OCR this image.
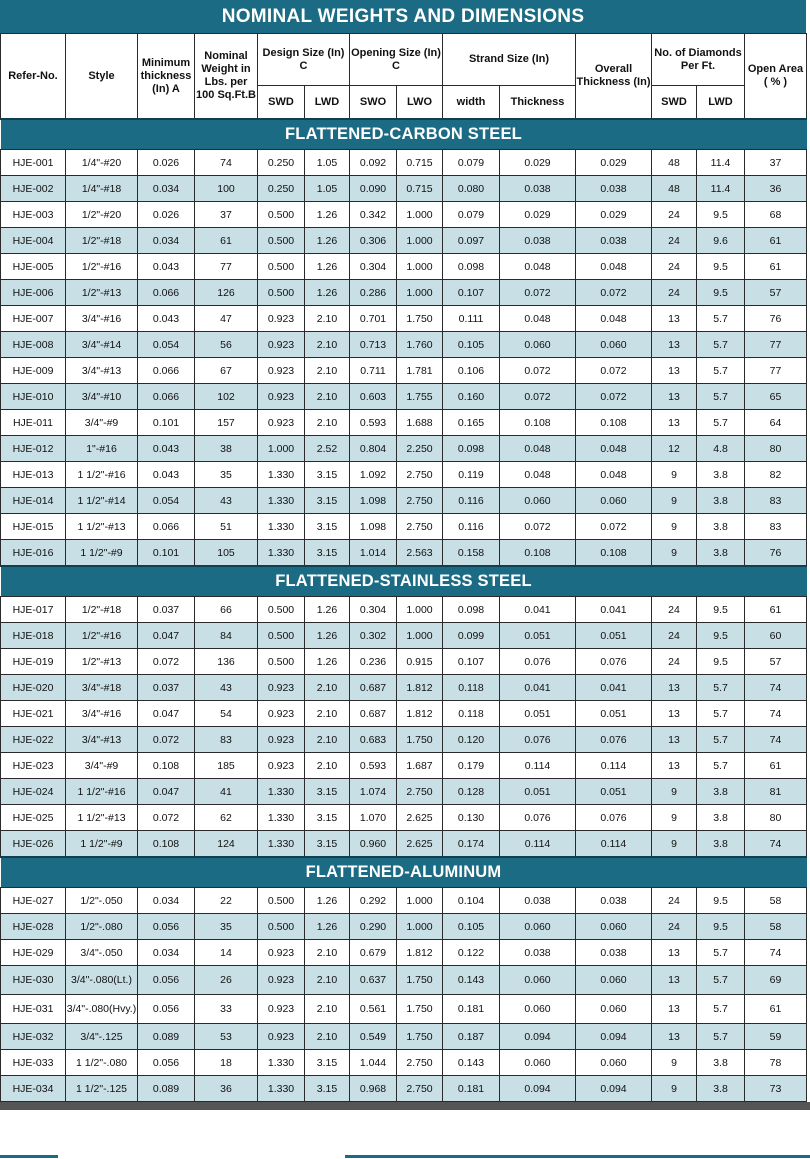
NOMINAL WEIGHTS AND DIMENSIONS
Refer-No.	Style	Minimum thickness (In) A	Nominal Weight in Lbs. per 100 Sq.Ft.B	Design Size (In) C		Opening Size (In) C		Strand Size (In)		Overall Thickness (In)	No. of Diamonds Per Ft.		Open Area ( % )
				SWD	LWD	SWO	LWO	width	Thickness		SWD	LWD	
FLATTENED-CARBON STEEL													
HJE-001	1/4"-#20	0.026	74	0.250	1.05	0.092	0.715	0.079	0.029	0.029	48	11.4	37
HJE-002	1/4"-#18	0.034	100	0.250	1.05	0.090	0.715	0.080	0.038	0.038	48	11.4	36
HJE-003	1/2"-#20	0.026	37	0.500	1.26	0.342	1.000	0.079	0.029	0.029	24	9.5	68
HJE-004	1/2"-#18	0.034	61	0.500	1.26	0.306	1.000	0.097	0.038	0.038	24	9.6	61
HJE-005	1/2"-#16	0.043	77	0.500	1.26	0.304	1.000	0.098	0.048	0.048	24	9.5	61
HJE-006	1/2"-#13	0.066	126	0.500	1.26	0.286	1.000	0.107	0.072	0.072	24	9.5	57
HJE-007	3/4"-#16	0.043	47	0.923	2.10	0.701	1.750	0.111	0.048	0.048	13	5.7	76
HJE-008	3/4"-#14	0.054	56	0.923	2.10	0.713	1.760	0.105	0.060	0.060	13	5.7	77
HJE-009	3/4"-#13	0.066	67	0.923	2.10	0.711	1.781	0.106	0.072	0.072	13	5.7	77
HJE-010	3/4"-#10	0.066	102	0.923	2.10	0.603	1.755	0.160	0.072	0.072	13	5.7	65
HJE-011	3/4"-#9	0.101	157	0.923	2.10	0.593	1.688	0.165	0.108	0.108	13	5.7	64
HJE-012	1"-#16	0.043	38	1.000	2.52	0.804	2.250	0.098	0.048	0.048	12	4.8	80
HJE-013	1 1/2"-#16	0.043	35	1.330	3.15	1.092	2.750	0.119	0.048	0.048	9	3.8	82
HJE-014	1 1/2"-#14	0.054	43	1.330	3.15	1.098	2.750	0.116	0.060	0.060	9	3.8	83
HJE-015	1 1/2"-#13	0.066	51	1.330	3.15	1.098	2.750	0.116	0.072	0.072	9	3.8	83
HJE-016	1 1/2"-#9	0.101	105	1.330	3.15	1.014	2.563	0.158	0.108	0.108	9	3.8	76
FLATTENED-STAINLESS STEEL													
HJE-017	1/2"-#18	0.037	66	0.500	1.26	0.304	1.000	0.098	0.041	0.041	24	9.5	61
HJE-018	1/2"-#16	0.047	84	0.500	1.26	0.302	1.000	0.099	0.051	0.051	24	9.5	60
HJE-019	1/2"-#13	0.072	136	0.500	1.26	0.236	0.915	0.107	0.076	0.076	24	9.5	57
HJE-020	3/4"-#18	0.037	43	0.923	2.10	0.687	1.812	0.118	0.041	0.041	13	5.7	74
HJE-021	3/4"-#16	0.047	54	0.923	2.10	0.687	1.812	0.118	0.051	0.051	13	5.7	74
HJE-022	3/4"-#13	0.072	83	0.923	2.10	0.683	1.750	0.120	0.076	0.076	13	5.7	74
HJE-023	3/4"-#9	0.108	185	0.923	2.10	0.593	1.687	0.179	0.114	0.114	13	5.7	61
HJE-024	1 1/2"-#16	0.047	41	1.330	3.15	1.074	2.750	0.128	0.051	0.051	9	3.8	81
HJE-025	1 1/2"-#13	0.072	62	1.330	3.15	1.070	2.625	0.130	0.076	0.076	9	3.8	80
HJE-026	1 1/2"-#9	0.108	124	1.330	3.15	0.960	2.625	0.174	0.114	0.114	9	3.8	74
FLATTENED-ALUMINUM													
HJE-027	1/2"-.050	0.034	22	0.500	1.26	0.292	1.000	0.104	0.038	0.038	24	9.5	58
HJE-028	1/2"-.080	0.056	35	0.500	1.26	0.290	1.000	0.105	0.060	0.060	24	9.5	58
HJE-029	3/4"-.050	0.034	14	0.923	2.10	0.679	1.812	0.122	0.038	0.038	13	5.7	74
HJE-030	3/4"-.080(Lt.)	0.056	26	0.923	2.10	0.637	1.750	0.143	0.060	0.060	13	5.7	69
HJE-031	3/4"-.080(Hvy.)	0.056	33	0.923	2.10	0.561	1.750	0.181	0.060	0.060	13	5.7	61
HJE-032	3/4"-.125	0.089	53	0.923	2.10	0.549	1.750	0.187	0.094	0.094	13	5.7	59
HJE-033	1 1/2"-.080	0.056	18	1.330	3.15	1.044	2.750	0.143	0.060	0.060	9	3.8	78
HJE-034	1 1/2"-.125	0.089	36	1.330	3.15	0.968	2.750	0.181	0.094	0.094	9	3.8	73
